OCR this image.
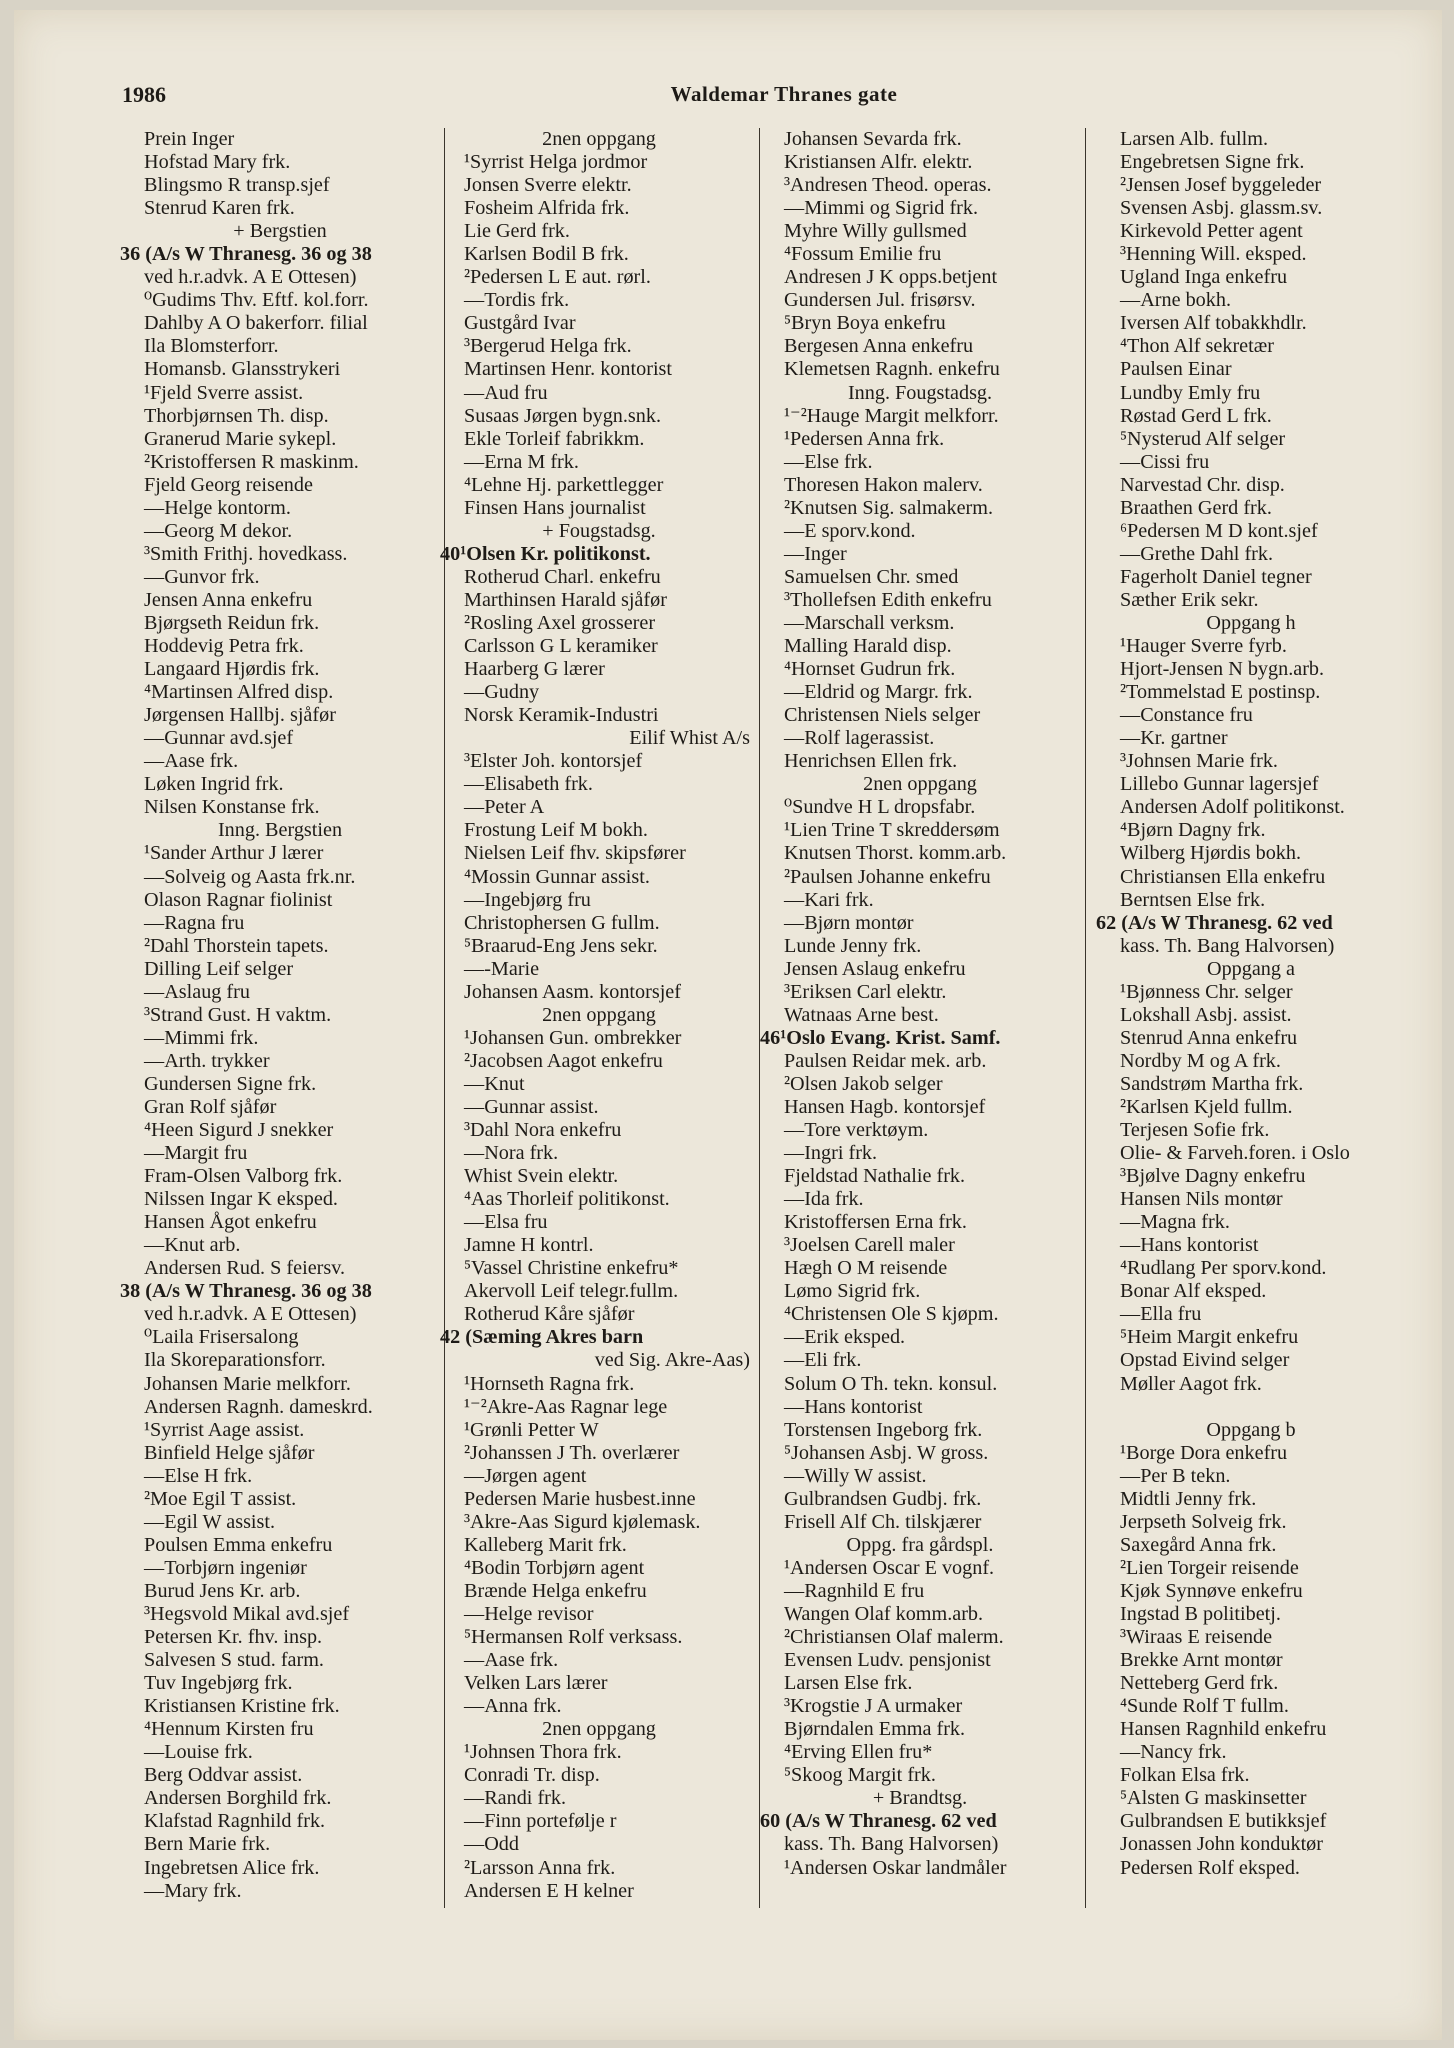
1986	Waldemar Thranes gate
Prein Inger
Hofstad Mary frk.
Blingsmo R transp.sjef
Stenrud Karen frk.
+ Bergstien
36 (A/s W Thranesg. 36 og 38
ved h.r.advk. A E Ottesen)
⁰Gudims Thv. Eftf. kol.forr.
Dahlby A O bakerforr. filial
Ila Blomsterforr.
Homansb. Glansstrykeri
¹Fjeld Sverre assist.
Thorbjørnsen Th. disp.
Granerud Marie sykepl.
²Kristoffersen R maskinm.
Fjeld Georg reisende
—Helge kontorm.
—Georg M dekor.
³Smith Frithj. hovedkass.
—Gunvor frk.
Jensen Anna enkefru
Bjørgseth Reidun frk.
Hoddevig Petra frk.
Langaard Hjørdis frk.
⁴Martinsen Alfred disp.
Jørgensen Hallbj. sjåfør
—Gunnar avd.sjef
—Aase frk.
Løken Ingrid frk.
Nilsen Konstanse frk.
Inng. Bergstien
¹Sander Arthur J lærer
—Solveig og Aasta frk.nr.
Olason Ragnar fiolinist
—Ragna fru
²Dahl Thorstein tapets.
Dilling Leif selger
—Aslaug fru
³Strand Gust. H vaktm.
—Mimmi frk.
—Arth. trykker
Gundersen Signe frk.
Gran Rolf sjåfør
⁴Heen Sigurd J snekker
—Margit fru
Fram-Olsen Valborg frk.
Nilssen Ingar K eksped.
Hansen Ågot enkefru
—Knut arb.
Andersen Rud. S feiersv.
38 (A/s W Thranesg. 36 og 38
ved h.r.advk. A E Ottesen)
⁰Laila Frisersalong
Ila Skoreparationsforr.
Johansen Marie melkforr.
Andersen Ragnh. dameskrd.
¹Syrrist Aage assist.
Binfield Helge sjåfør
—Else H frk.
²Moe Egil T assist.
—Egil W assist.
Poulsen Emma enkefru
—Torbjørn ingeniør
Burud Jens Kr. arb.
³Hegsvold Mikal avd.sjef
Petersen Kr. fhv. insp.
Salvesen S stud. farm.
Tuv Ingebjørg frk.
Kristiansen Kristine frk.
⁴Hennum Kirsten fru
—Louise frk.
Berg Oddvar assist.
Andersen Borghild frk.
Klafstad Ragnhild frk.
Bern Marie frk.
Ingebretsen Alice frk.
—Mary frk.
2nen oppgang
¹Syrrist Helga jordmor
Jonsen Sverre elektr.
Fosheim Alfrida frk.
Lie Gerd frk.
Karlsen Bodil B frk.
²Pedersen L E aut. rørl.
—Tordis frk.
Gustgård Ivar
³Bergerud Helga frk.
Martinsen Henr. kontorist
—Aud fru
Susaas Jørgen bygn.snk.
Ekle Torleif fabrikkm.
—Erna M frk.
⁴Lehne Hj. parkettlegger
Finsen Hans journalist
+ Fougstadsg.
40¹Olsen Kr. politikonst.
Rotherud Charl. enkefru
Marthinsen Harald sjåfør
²Rosling Axel grosserer
Carlsson G L keramiker
Haarberg G lærer
—Gudny
Norsk Keramik-Industri
Eilif Whist A/s
³Elster Joh. kontorsjef
—Elisabeth frk.
—Peter A
Frostung Leif M bokh.
Nielsen Leif fhv. skipsfører
⁴Mossin Gunnar assist.
—Ingebjørg fru
Christophersen G fullm.
⁵Braarud-Eng Jens sekr.
—-Marie
Johansen Aasm. kontorsjef
2nen oppgang
¹Johansen Gun. ombrekker
²Jacobsen Aagot enkefru
—Knut
—Gunnar assist.
³Dahl Nora enkefru
—Nora frk.
Whist Svein elektr.
⁴Aas Thorleif politikonst.
—Elsa fru
Jamne H kontrl.
⁵Vassel Christine enkefru*
Akervoll Leif telegr.fullm.
Rotherud Kåre sjåfør
42 (Sæming Akres barn
ved Sig. Akre-Aas)
¹Hornseth Ragna frk.
¹⁻²Akre-Aas Ragnar lege
¹Grønli Petter W
²Johanssen J Th. overlærer
—Jørgen agent
Pedersen Marie husbest.inne
³Akre-Aas Sigurd kjølemask.
Kalleberg Marit frk.
⁴Bodin Torbjørn agent
Brænde Helga enkefru
—Helge revisor
⁵Hermansen Rolf verksass.
—Aase frk.
Velken Lars lærer
—Anna frk.
2nen oppgang
¹Johnsen Thora frk.
Conradi Tr. disp.
—Randi frk.
—Finn portefølje r
—Odd
²Larsson Anna frk.
Andersen E H kelner
Johansen Sevarda frk.
Kristiansen Alfr. elektr.
³Andresen Theod. operas.
—Mimmi og Sigrid frk.
Myhre Willy gullsmed
⁴Fossum Emilie fru
Andresen J K opps.betjent
Gundersen Jul. frisørsv.
⁵Bryn Boya enkefru
Bergesen Anna enkefru
Klemetsen Ragnh. enkefru
Inng. Fougstadsg.
¹⁻²Hauge Margit melkforr.
¹Pedersen Anna frk.
—Else frk.
Thoresen Hakon malerv.
²Knutsen Sig. salmakerm.
—E sporv.kond.
—Inger
Samuelsen Chr. smed
³Thollefsen Edith enkefru
—Marschall verksm.
Malling Harald disp.
⁴Hornset Gudrun frk.
—Eldrid og Margr. frk.
Christensen Niels selger
—Rolf lagerassist.
Henrichsen Ellen frk.
2nen oppgang
⁰Sundve H L dropsfabr.
¹Lien Trine T skreddersøm
Knutsen Thorst. komm.arb.
²Paulsen Johanne enkefru
—Kari frk.
—Bjørn montør
Lunde Jenny frk.
Jensen Aslaug enkefru
³Eriksen Carl elektr.
Watnaas Arne best.
46¹Oslo Evang. Krist. Samf.
Paulsen Reidar mek. arb.
²Olsen Jakob selger
Hansen Hagb. kontorsjef
—Tore verktøym.
—Ingri frk.
Fjeldstad Nathalie frk.
—Ida frk.
Kristoffersen Erna frk.
³Joelsen Carell maler
Hægh O M reisende
Lømo Sigrid frk.
⁴Christensen Ole S kjøpm.
—Erik eksped.
—Eli frk.
Solum O Th. tekn. konsul.
—Hans kontorist
Torstensen Ingeborg frk.
⁵Johansen Asbj. W gross.
—Willy W assist.
Gulbrandsen Gudbj. frk.
Frisell Alf Ch. tilskjærer
Oppg. fra gårdspl.
¹Andersen Oscar E vognf.
—Ragnhild E fru
Wangen Olaf komm.arb.
²Christiansen Olaf malerm.
Evensen Ludv. pensjonist
Larsen Else frk.
³Krogstie J A urmaker
Bjørndalen Emma frk.
⁴Erving Ellen fru*
⁵Skoog Margit frk.
+ Brandtsg.
60 (A/s W Thranesg. 62 ved
kass. Th. Bang Halvorsen)
¹Andersen Oskar landmåler
Larsen Alb. fullm.
Engebretsen Signe frk.
²Jensen Josef byggeleder
Svensen Asbj. glassm.sv.
Kirkevold Petter agent
³Henning Will. eksped.
Ugland Inga enkefru
—Arne bokh.
Iversen Alf tobakkhdlr.
⁴Thon Alf sekretær
Paulsen Einar
Lundby Emly fru
Røstad Gerd L frk.
⁵Nysterud Alf selger
—Cissi fru
Narvestad Chr. disp.
Braathen Gerd frk.
⁶Pedersen M D kont.sjef
—Grethe Dahl frk.
Fagerholt Daniel tegner
Sæther Erik sekr.
Oppgang h
¹Hauger Sverre fyrb.
Hjort-Jensen N bygn.arb.
²Tommelstad E postinsp.
—Constance fru
—Kr. gartner
³Johnsen Marie frk.
Lillebo Gunnar lagersjef
Andersen Adolf politikonst.
⁴Bjørn Dagny frk.
Wilberg Hjørdis bokh.
Christiansen Ella enkefru
Berntsen Else frk.
62 (A/s W Thranesg. 62 ved
kass. Th. Bang Halvorsen)
Oppgang a
¹Bjønness Chr. selger
Lokshall Asbj. assist.
Stenrud Anna enkefru
Nordby M og A frk.
Sandstrøm Martha frk.
²Karlsen Kjeld fullm.
Terjesen Sofie frk.
Olie- & Farveh.foren. i Oslo
³Bjølve Dagny enkefru
Hansen Nils montør
—Magna frk.
—Hans kontorist
⁴Rudlang Per sporv.kond.
Bonar Alf eksped.
—Ella fru
⁵Heim Margit enkefru
Opstad Eivind selger
Møller Aagot frk.
Oppgang b
¹Borge Dora enkefru
—Per B tekn.
Midtli Jenny frk.
Jerpseth Solveig frk.
Saxegård Anna frk.
²Lien Torgeir reisende
Kjøk Synnøve enkefru
Ingstad B politibetj.
³Wiraas E reisende
Brekke Arnt montør
Netteberg Gerd frk.
⁴Sunde Rolf T fullm.
Hansen Ragnhild enkefru
—Nancy frk.
Folkan Elsa frk.
⁵Alsten G maskinsetter
Gulbrandsen E butikksjef
Jonassen John konduktør
Pedersen Rolf eksped.
